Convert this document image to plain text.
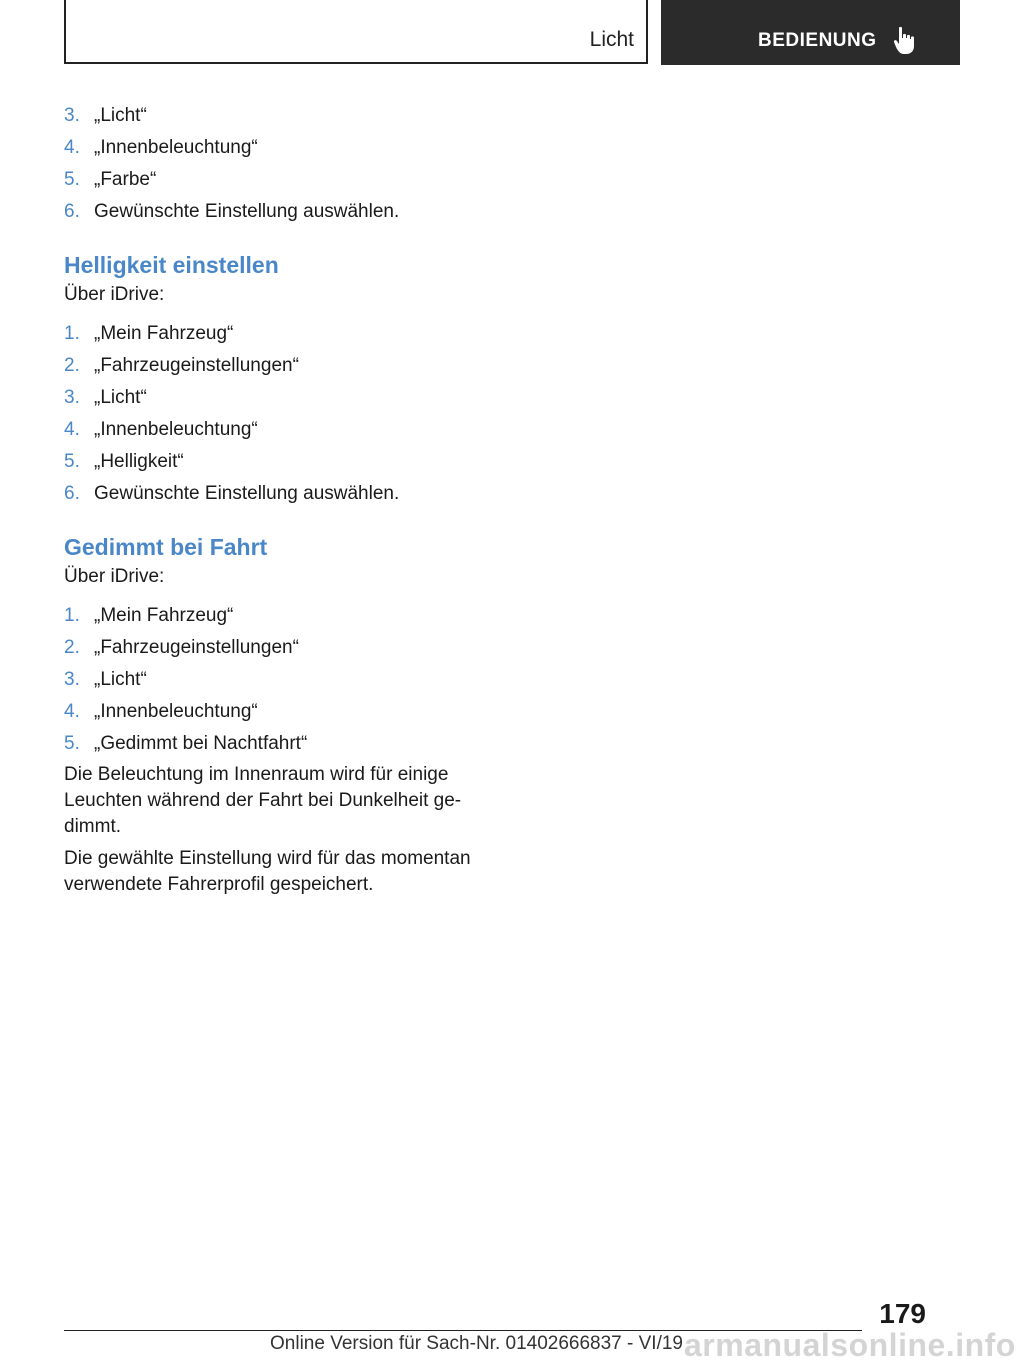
Licht	BEDIENUNG
3. „Licht“
4. „Innenbeleuchtung“
5. „Farbe“
6. Gewünschte Einstellung auswählen.
Helligkeit einstellen
Über iDrive:
1. „Mein Fahrzeug“
2. „Fahrzeugeinstellungen“
3. „Licht“
4. „Innenbeleuchtung“
5. „Helligkeit“
6. Gewünschte Einstellung auswählen.
Gedimmt bei Fahrt
Über iDrive:
1. „Mein Fahrzeug“
2. „Fahrzeugeinstellungen“
3. „Licht“
4. „Innenbeleuchtung“
5. „Gedimmt bei Nachtfahrt“

Die Beleuchtung im Innenraum wird für einige Leuchten während der Fahrt bei Dunkelheit ge‐ dimmt.

Die gewählte Einstellung wird für das momentan verwendete Fahrerprofil gespeichert.

179
Online Version für Sach-Nr. 01402666837 - VI/19 armanualsonline.info
